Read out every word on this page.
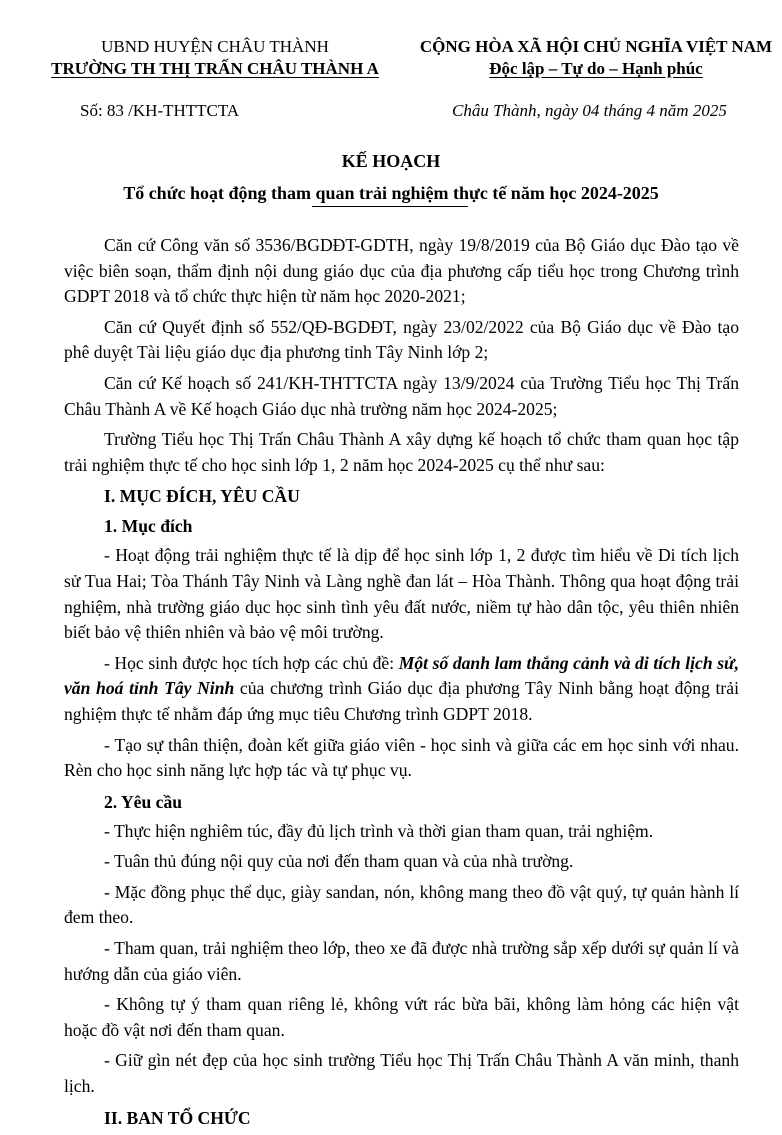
UBND HUYỆN CHÂU THÀNH
TRƯỜNG TH THỊ TRẤN CHÂU THÀNH A
CỘNG HÒA XÃ HỘI CHỦ NGHĨA VIỆT NAM
Độc lập – Tự do – Hạnh phúc
Số: 83 /KH-THTTCTA	Châu Thành, ngày 04 tháng 4 năm 2025
KẾ HOẠCH
Tổ chức hoạt động tham quan trải nghiệm thực tế năm học 2024-2025

Căn cứ Công văn số 3536/BGDĐT-GDTH, ngày 19/8/2019 của Bộ Giáo dục Đào tạo về việc biên soạn, thẩm định nội dung giáo dục của địa phương cấp tiểu học trong Chương trình GDPT 2018 và tổ chức thực hiện từ năm học 2020-2021;

Căn cứ Quyết định số 552/QĐ-BGDĐT, ngày 23/02/2022 của Bộ Giáo dục về Đào tạo phê duyệt Tài liệu giáo dục địa phương tỉnh Tây Ninh lớp 2;

Căn cứ Kế hoạch số 241/KH-THTTCTA ngày 13/9/2024 của Trường Tiểu học Thị Trấn Châu Thành A về Kế hoạch Giáo dục nhà trường năm học 2024-2025;

Trường Tiểu học Thị Trấn Châu Thành A xây dựng kế hoạch tổ chức tham quan học tập trải nghiệm thực tế cho học sinh lớp 1, 2 năm học 2024-2025 cụ thể như sau:

I. MỤC ĐÍCH, YÊU CẦU
1. Mục đích

- Hoạt động trải nghiệm thực tế là dịp để học sinh lớp 1, 2 được tìm hiểu về Di tích lịch sử Tua Hai; Tòa Thánh Tây Ninh và Làng nghề đan lát – Hòa Thành. Thông qua hoạt động trải nghiệm, nhà trường giáo dục học sinh tình yêu đất nước, niềm tự hào dân tộc, yêu thiên nhiên biết bảo vệ thiên nhiên và bảo vệ môi trường.

- Học sinh được học tích hợp các chủ đề: Một số danh lam thắng cảnh và di tích lịch sử, văn hoá tỉnh Tây Ninh của chương trình Giáo dục địa phương Tây Ninh bằng hoạt động trải nghiệm thực tế nhằm đáp ứng mục tiêu Chương trình GDPT 2018.

- Tạo sự thân thiện, đoàn kết giữa giáo viên - học sinh và giữa các em học sinh với nhau. Rèn cho học sinh năng lực hợp tác và tự phục vụ.

2. Yêu cầu

- Thực hiện nghiêm túc, đầy đủ lịch trình và thời gian tham quan, trải nghiệm.

- Tuân thủ đúng nội quy của nơi đến tham quan và của nhà trường.

- Mặc đồng phục thể dục, giày sandan, nón, không mang theo đồ vật quý, tự quản hành lí đem theo.

- Tham quan, trải nghiệm theo lớp, theo xe đã được nhà trường sắp xếp dưới sự quản lí và hướng dẫn của giáo viên.

- Không tự ý tham quan riêng lẻ, không vứt rác bừa bãi, không làm hỏng các hiện vật hoặc đồ vật nơi đến tham quan.

- Giữ gìn nét đẹp của học sinh trường Tiểu học Thị Trấn Châu Thành A văn minh, thanh lịch.

II. BAN TỔ CHỨC
